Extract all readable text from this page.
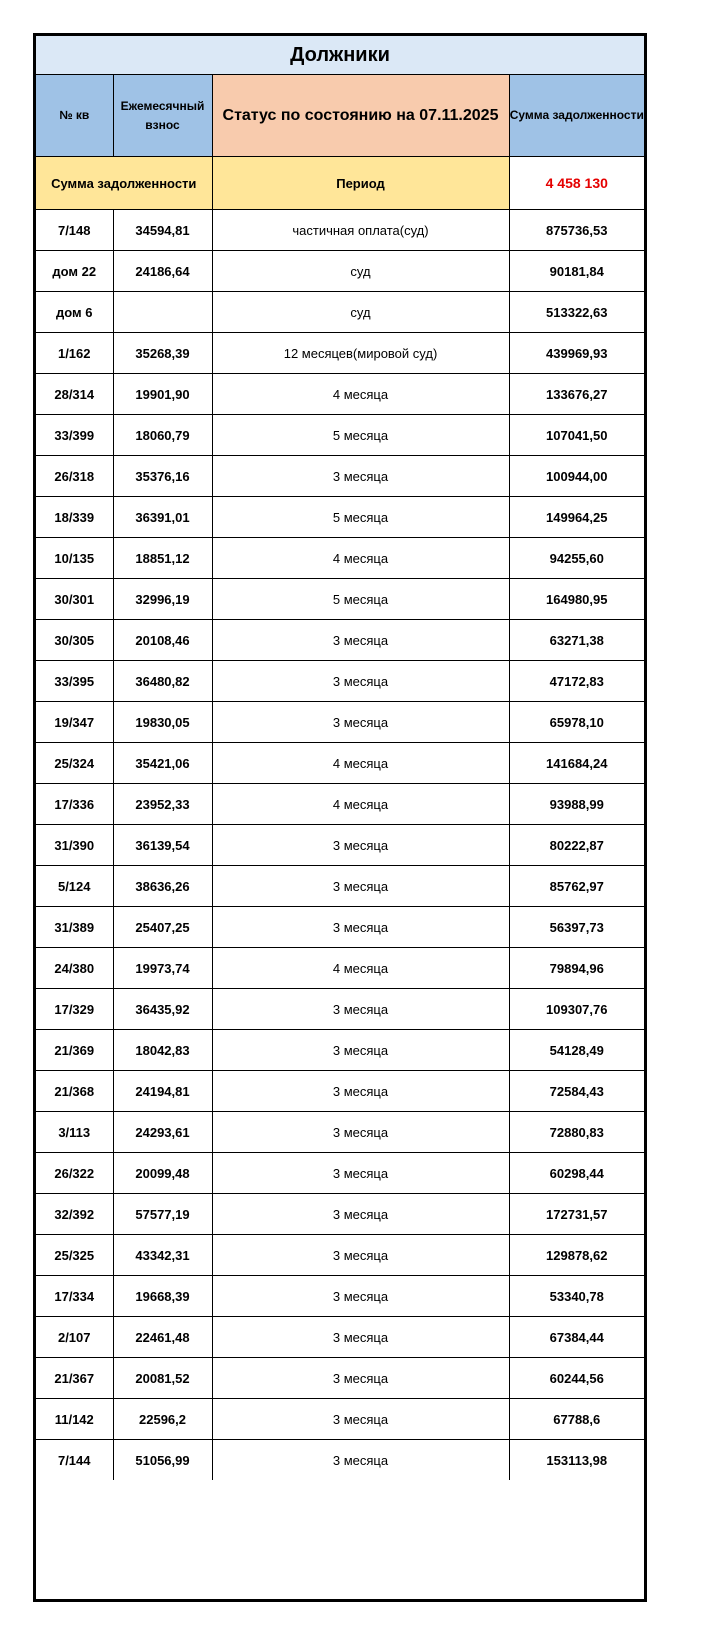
Должники			
№ кв	Ежемесячный взнос	Статус по состоянию на 07.11.2025	Сумма задолженности
Сумма задолженности		Период	4 458 130
7/148	34594,81	частичная оплата(суд)	875736,53
дом 22	24186,64	суд	90181,84
дом 6		суд	513322,63
1/162	35268,39	12 месяцев(мировой суд)	439969,93
28/314	19901,90	4 месяца	133676,27
33/399	18060,79	5 месяца	107041,50
26/318	35376,16	3 месяца	100944,00
18/339	36391,01	5 месяца	149964,25
10/135	18851,12	4 месяца	94255,60
30/301	32996,19	5 месяца	164980,95
30/305	20108,46	3 месяца	63271,38
33/395	36480,82	3 месяца	47172,83
19/347	19830,05	3 месяца	65978,10
25/324	35421,06	4 месяца	141684,24
17/336	23952,33	4 месяца	93988,99
31/390	36139,54	3 месяца	80222,87
5/124	38636,26	3 месяца	85762,97
31/389	25407,25	3 месяца	56397,73
24/380	19973,74	4 месяца	79894,96
17/329	36435,92	3 месяца	109307,76
21/369	18042,83	3 месяца	54128,49
21/368	24194,81	3 месяца	72584,43
3/113	24293,61	3 месяца	72880,83
26/322	20099,48	3 месяца	60298,44
32/392	57577,19	3 месяца	172731,57
25/325	43342,31	3 месяца	129878,62
17/334	19668,39	3 месяца	53340,78
2/107	22461,48	3 месяца	67384,44
21/367	20081,52	3 месяца	60244,56
11/142	22596,2	3 месяца	67788,6
7/144	51056,99	3 месяца	153113,98
